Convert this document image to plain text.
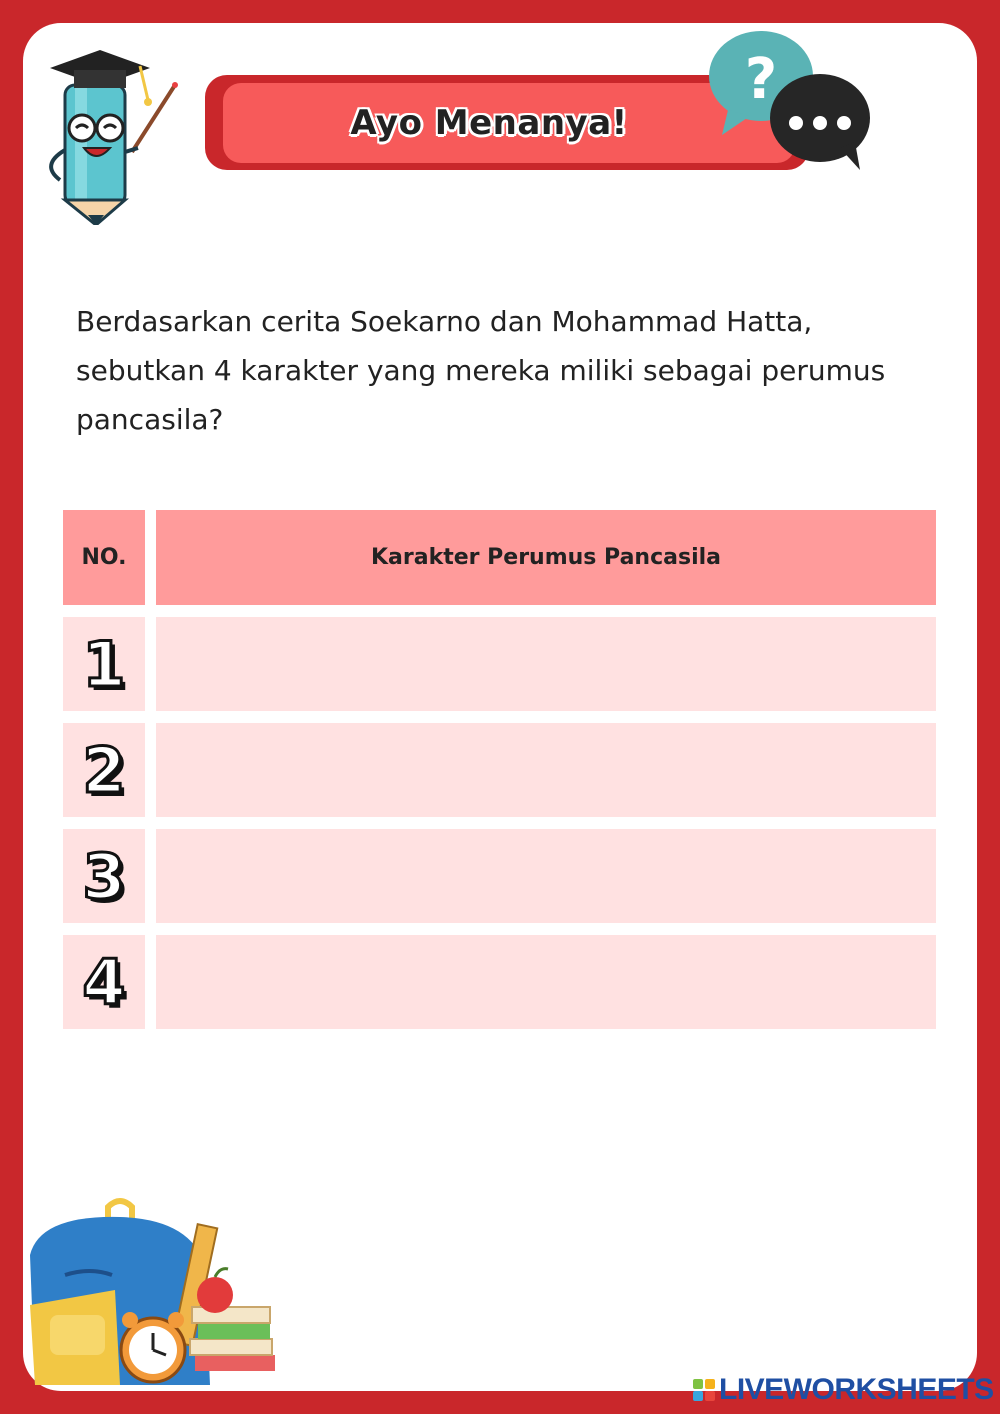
Ayo Menanya!
?
Berdasarkan cerita Soekarno dan Mohammad Hatta, sebutkan 4 karakter yang mereka miliki sebagai perumus pancasila?
NO.	Karakter Perumus Pancasila
1
2
3
4
LIVEWORKSHEETS
